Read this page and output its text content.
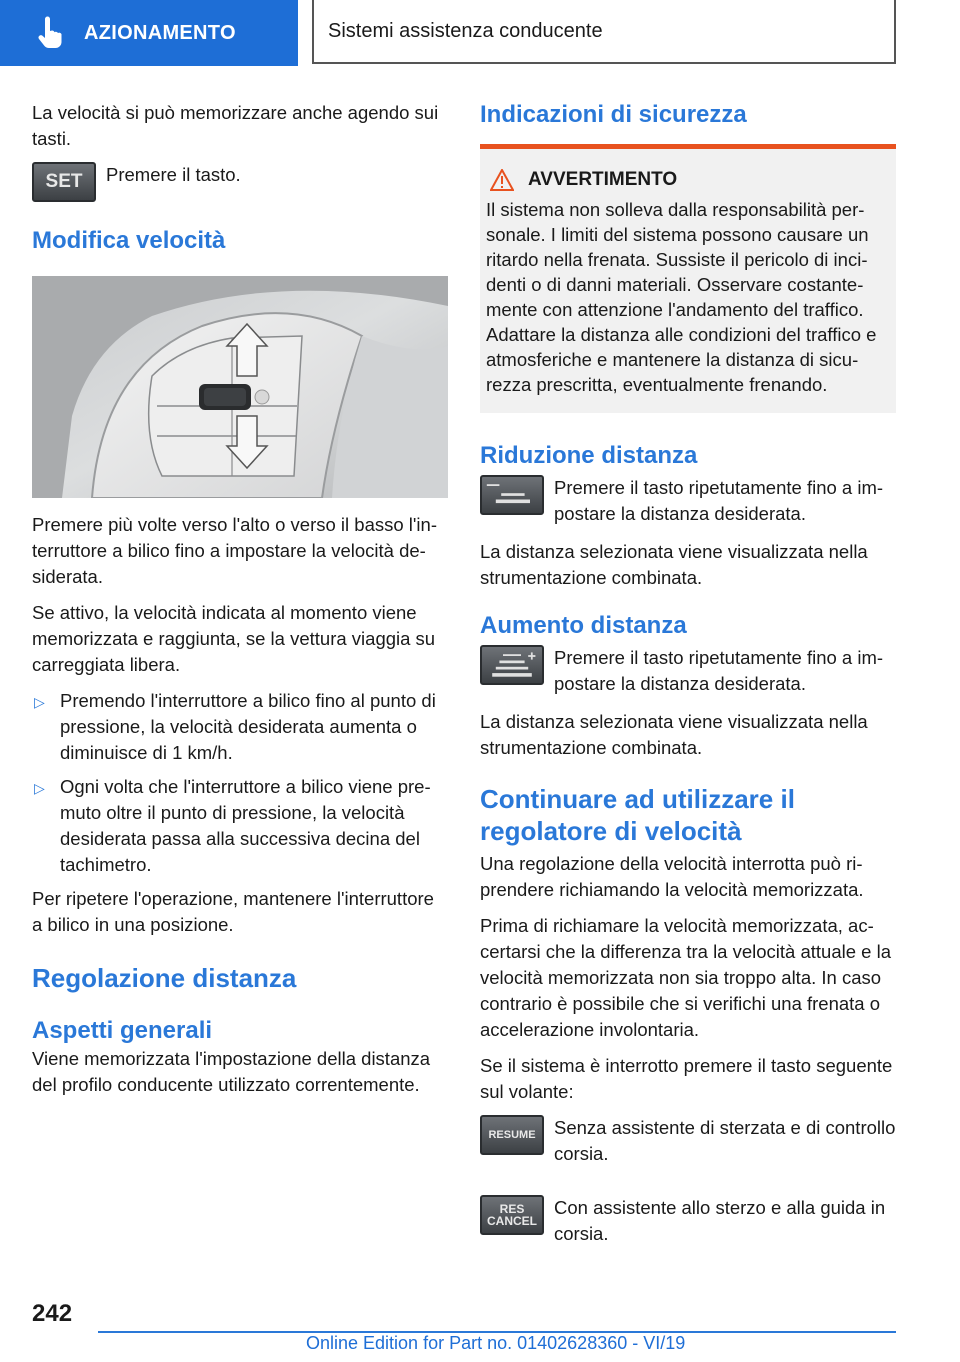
AZIONAMENTO	Sistemi assistenza conducente

La velocità si può memorizzare anche agendo sui tasti.

SET Premere il tasto.
Modifica velocità

Premere più volte verso l'alto o verso il basso l'interruttore a bilico fino a impostare la velocità desiderata.

Se attivo, la velocità indicata al momento viene memorizzata e raggiunta, se la vettura viaggia su carreggiata libera.

▷ Premendo l'interruttore a bilico fino al punto di pressione, la velocità desiderata aumenta o diminuisce di 1 km/h.
▷ Ogni volta che l'interruttore a bilico viene premuto oltre il punto di pressione, la velocità desiderata passa alla successiva decina del tachimetro.

Per ripetere l'operazione, mantenere l'interruttore a bilico in una posizione.

Regolazione distanza
Aspetti generali

Viene memorizzata l'impostazione della distanza del profilo conducente utilizzato correntemente.

Indicazioni di sicurezza
AVVERTIMENTO

Il sistema non solleva dalla responsabilità personale. I limiti del sistema possono causare un ritardo nella frenata. Sussiste il pericolo di incidenti o di danni materiali. Osservare costantemente con attenzione l'andamento del traffico. Adattare la distanza alle condizioni del traffico e atmosferiche e mantenere la distanza di sicurezza prescritta, eventualmente frenando.

Riduzione distanza
Premere il tasto ripetutamente fino a impostare la distanza desiderata.

La distanza selezionata viene visualizzata nella strumentazione combinata.

Aumento distanza
Premere il tasto ripetutamente fino a impostare la distanza desiderata.

La distanza selezionata viene visualizzata nella strumentazione combinata.

Continuare ad utilizzare il regolatore di velocità

Una regolazione della velocità interrotta può riprendere richiamando la velocità memorizzata.

Prima di richiamare la velocità memorizzata, accertarsi che la differenza tra la velocità attuale e la velocità memorizzata non sia troppo alta. In caso contrario è possibile che si verifichi una frenata o accelerazione involontaria.

Se il sistema è interrotto premere il tasto seguente sul volante:

RESUME Senza assistente di sterzata e di controllo corsia.
RES
CANCEL
Con assistente allo sterzo e alla guida in corsia.
242
Online Edition for Part no. 01402628360 - VI/19
